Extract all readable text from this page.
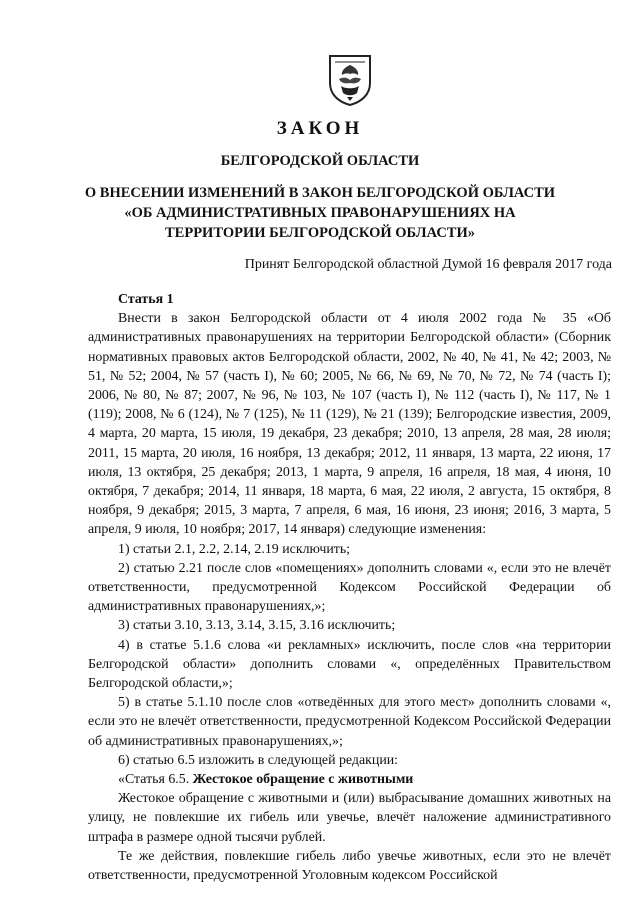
ЗАКОН
БЕЛГОРОДСКОЙ ОБЛАСТИ
О ВНЕСЕНИИ ИЗМЕНЕНИЙ В ЗАКОН БЕЛГОРОДСКОЙ ОБЛАСТИ
«ОБ АДМИНИСТРАТИВНЫХ ПРАВОНАРУШЕНИЯХ НА
ТЕРРИТОРИИ БЕЛГОРОДСКОЙ ОБЛАСТИ»
Принят Белгородской областной Думой 16 февраля 2017 года
Статья 1

Внести в закон Белгородской области от 4 июля 2002 года № 35 «Об административных правонарушениях на территории Белгородской области» (Сборник нормативных правовых актов Белгородской области, 2002, № 40, № 41, № 42; 2003, № 51, № 52; 2004, № 57 (часть I), № 60; 2005, № 66, № 69, № 70, № 72, № 74 (часть I); 2006, № 80, № 87; 2007, № 96, № 103, № 107 (часть I), № 112 (часть I), № 117, № 1 (119); 2008, № 6 (124), № 7 (125), № 11 (129), № 21 (139); Белгородские известия, 2009, 4 марта, 20 марта, 15 июля, 19 декабря, 23 декабря; 2010, 13 апреля, 28 мая, 28 июля; 2011, 15 марта, 20 июля, 16 ноября, 13 декабря; 2012, 11 января, 13 марта, 22 июня, 17 июля, 13 октября, 25 декабря; 2013, 1 марта, 9 апреля, 16 апреля, 18 мая, 4 июня, 10 октября, 7 декабря; 2014, 11 января, 18 марта, 6 мая, 22 июля, 2 августа, 15 октября, 8 ноября, 9 декабря; 2015, 3 марта, 7 апреля, 6 мая, 16 июня, 23 июня; 2016, 3 марта, 5 апреля, 9 июля, 10 ноября; 2017, 14 января) следующие изменения:

1) статьи 2.1, 2.2, 2.14, 2.19 исключить;

2) статью 2.21 после слов «помещениях» дополнить словами «, если это не влечёт ответственности, предусмотренной Кодексом Российской Федерации об административных правонарушениях,»;

3) статьи 3.10, 3.13, 3.14, 3.15, 3.16 исключить;

4) в статье 5.1.6 слова «и рекламных» исключить, после слов «на территории Белгородской области» дополнить словами «, определённых Правительством Белгородской области,»;

5) в статье 5.1.10 после слов «отведённых для этого мест» дополнить словами «, если это не влечёт ответственности, предусмотренной Кодексом Российской Федерации об административных правонарушениях,»;

6) статью 6.5 изложить в следующей редакции:

«Статья 6.5. Жестокое обращение с животными

Жестокое обращение с животными и (или) выбрасывание домашних животных на улицу, не повлекшие их гибель или увечье, влечёт наложение административного штрафа в размере одной тысячи рублей.

Те же действия, повлекшие гибель либо увечье животных, если это не влечёт ответственности, предусмотренной Уголовным кодексом Российской
